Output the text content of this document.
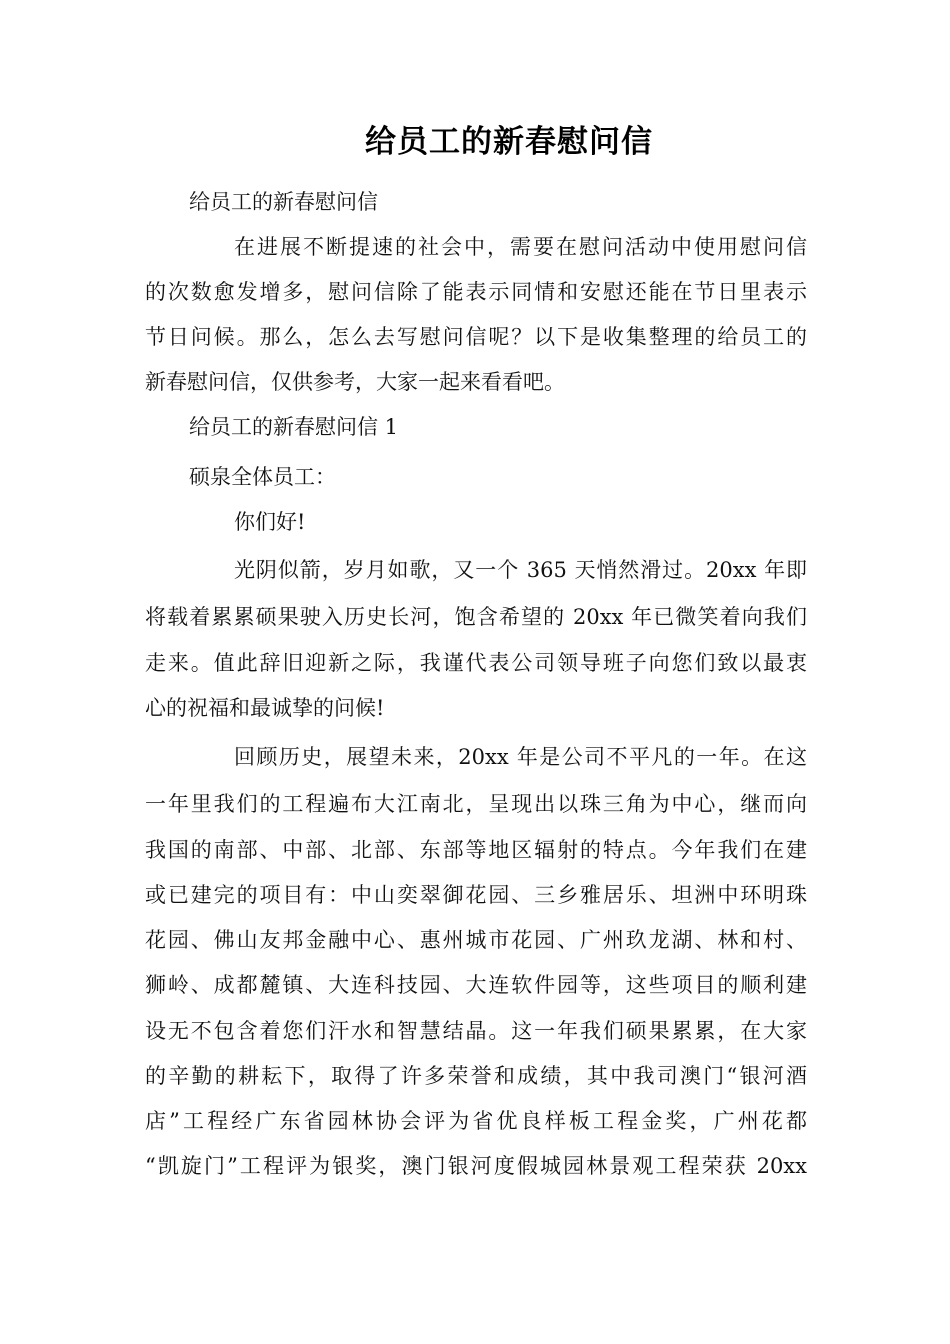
给员工的新春慰问信
给员工的新春慰问信
在进展不断提速的社会中，需要在慰问活动中使用慰问信
的次数愈发增多，慰问信除了能表示同情和安慰还能在节日里表示
节日问候。那么，怎么去写慰问信呢？以下是收集整理的给员工的
新春慰问信，仅供参考，大家一起来看看吧。
给员工的新春慰问信 1
硕泉全体员工：
你们好!
光阴似箭，岁月如歌，又一个 365 天悄然滑过。20xx 年即
将载着累累硕果驶入历史长河，饱含希望的 20xx 年已微笑着向我们
走来。值此辞旧迎新之际，我谨代表公司领导班子向您们致以最衷
心的祝福和最诚挚的问候!
回顾历史，展望未来，20xx 年是公司不平凡的一年。在这
一年里我们的工程遍布大江南北，呈现出以珠三角为中心，继而向
我国的南部、中部、北部、东部等地区辐射的特点。今年我们在建
或已建完的项目有：中山奕翠御花园、三乡雅居乐、坦洲中环明珠
花园、佛山友邦金融中心、惠州城市花园、广州玖龙湖、林和村、
狮岭、成都麓镇、大连科技园、大连软件园等，这些项目的顺利建
设无不包含着您们汗水和智慧结晶。这一年我们硕果累累，在大家
的辛勤的耕耘下，取得了许多荣誉和成绩，其中我司澳门“银河酒
店”工程经广东省园林协会评为省优良样板工程金奖，广州花都
“凯旋门”工程评为银奖，澳门银河度假城园林景观工程荣获 20xx
